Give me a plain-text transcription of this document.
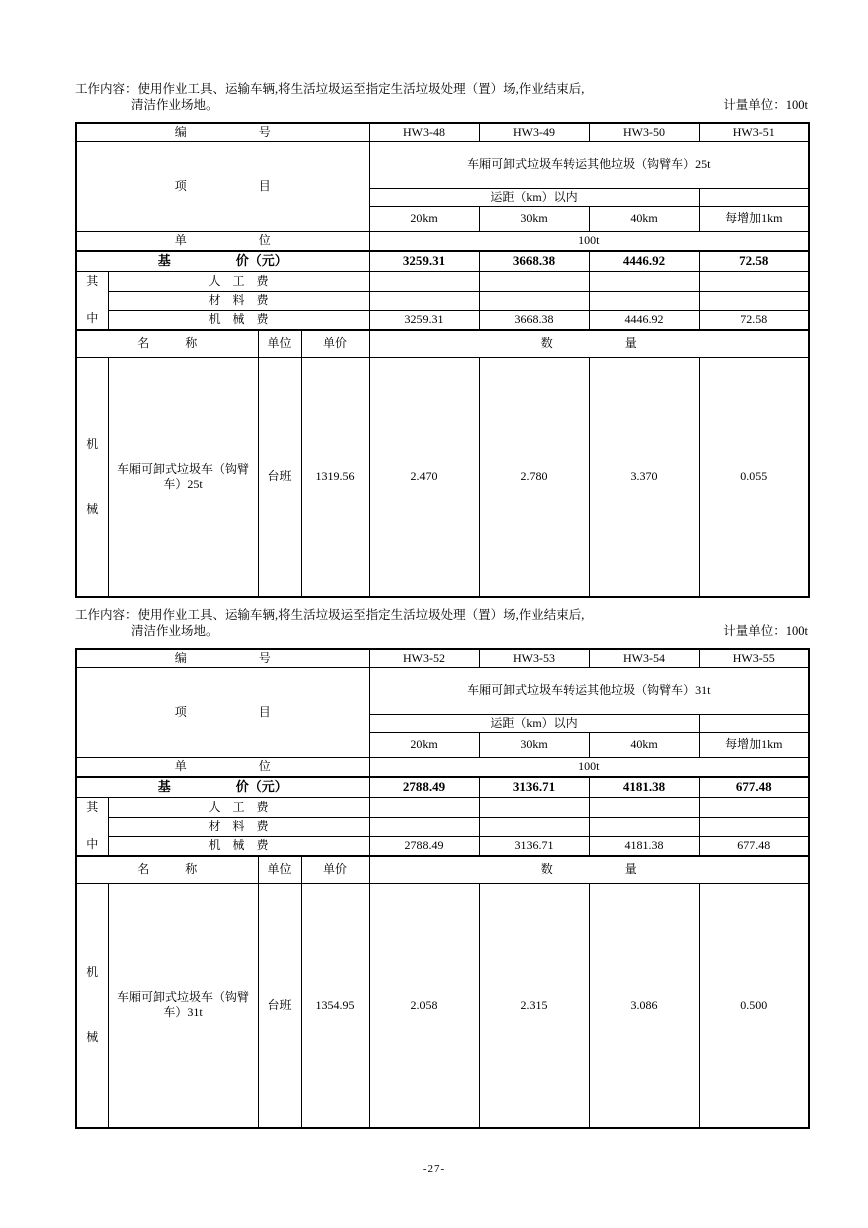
工作内容：使用作业工具、运输车辆,将生活垃圾运至指定生活垃圾处理（置）场,作业结束后,
清洁作业场地。	计量单位：100t
编　　　　　　号				HW3-48	HW3-49	HW3-50	HW3-51
项　　　　　　目				车厢可卸式垃圾车转运其他垃圾（钩臂车）25t			
				运距（km）以内			
				20km	30km	40km	每增加1km
单　　　　　　位				100t			
基　　　　　价（元）				3259.31	3668.38	4446.92	72.58

其
中	人　工　费						
	材　料　费						
	机　械　费			3259.31	3668.38	4446.92	72.58
名　　　称		单位	单价	数　　　　　　量			

机
械	车厢可卸式垃圾车（钩臂车）25t	台班	1319.56	2.470	2.780	3.370	0.055
工作内容：使用作业工具、运输车辆,将生活垃圾运至指定生活垃圾处理（置）场,作业结束后,
清洁作业场地。	计量单位：100t
编　　　　　　号				HW3-52	HW3-53	HW3-54	HW3-55
项　　　　　　目				车厢可卸式垃圾车转运其他垃圾（钩臂车）31t			
				运距（km）以内			
				20km	30km	40km	每增加1km
单　　　　　　位				100t			
基　　　　　价（元）				2788.49	3136.71	4181.38	677.48

其
中	人　工　费						
	材　料　费						
	机　械　费			2788.49	3136.71	4181.38	677.48
名　　　称		单位	单价	数　　　　　　量			

机
械	车厢可卸式垃圾车（钩臂车）31t	台班	1354.95	2.058	2.315	3.086	0.500
-27-
